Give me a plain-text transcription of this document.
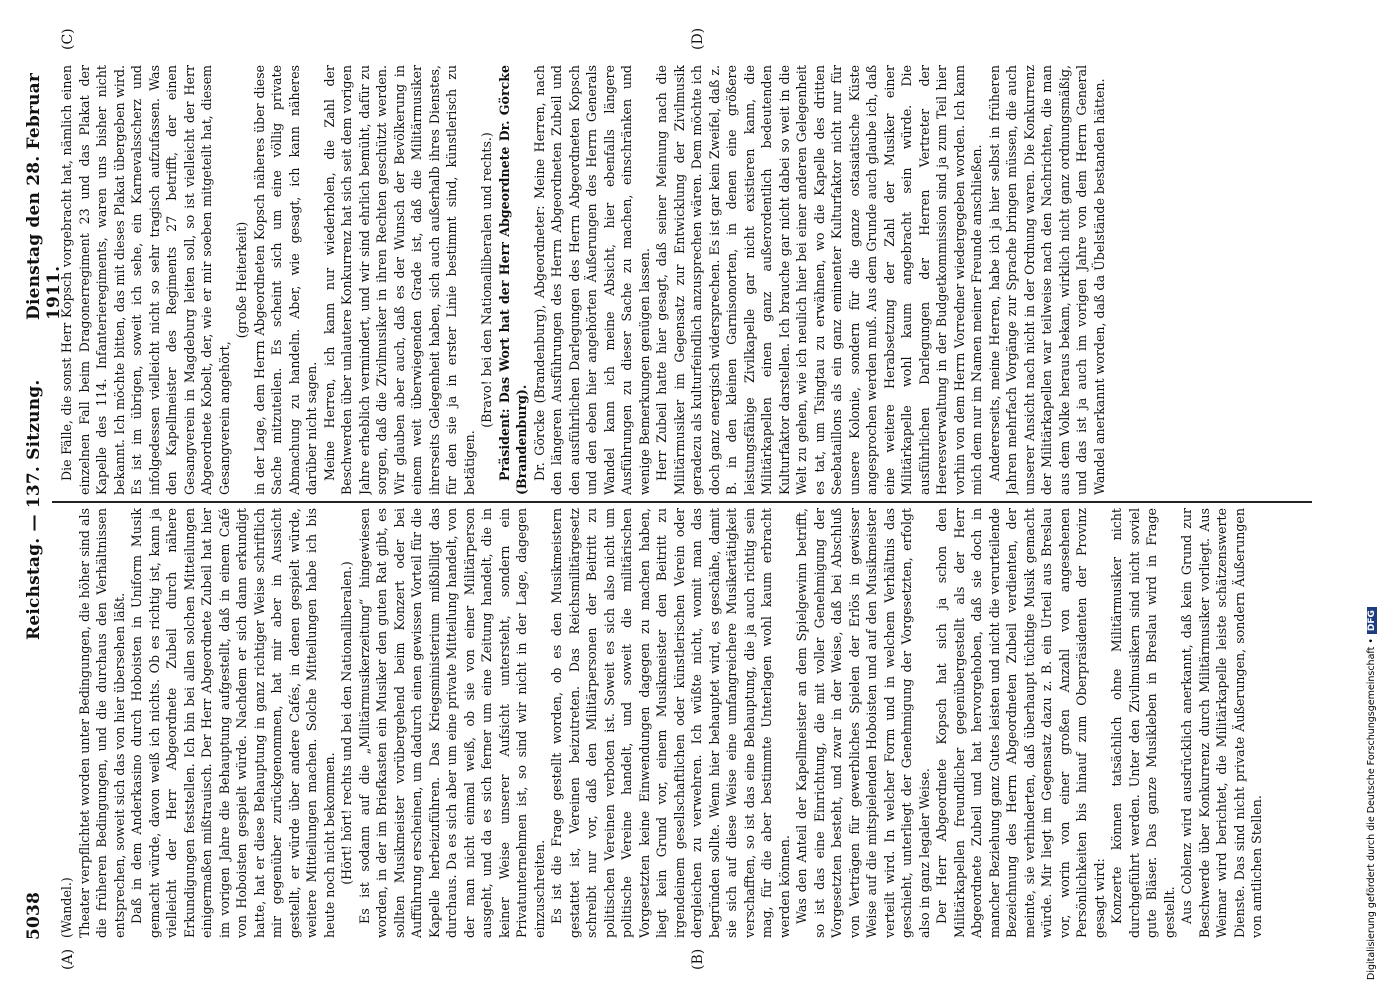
5038
Reichstag. — 137. Sitzung.
Dienstag den 28. Februar 1911.
(A)	(B)
(C)	(D)

(Wandel.) Theater verpflichtet worden unter Bedingungen, die höher sind als die früheren Bedingungen, und die durchaus den Verhältnissen entsprechen, soweit sich das von hier übersehen läßt. Daß in dem Anderkasino durch Hoboisten in Uniform Musik gemacht würde, davon weiß ich nichts. Ob es richtig ist, kann ja vielleicht der Herr Abgeordnete Zubeil durch nähere Erkundigungen feststellen. Ich bin bei allen solchen Mitteilungen einigermaßen mißtrauisch. Der Herr Abgeordnete Zubeil hat hier im vorigen Jahre die Behauptung aufgestellt, daß in einem Café von Hoboisten gespielt würde. Nachdem er sich dann erkundigt hatte, hat er diese Behauptung in ganz richtiger Weise schriftlich mir gegenüber zurückgenommen, hat mir aber in Aussicht gestellt, er würde über andere Cafés, in denen gespielt würde, weitere Mitteilungen machen. Solche Mitteilungen habe ich bis heute noch nicht bekommen. (Hört! hört! rechts und bei den Nationalliberalen.) Es ist sodann auf die „Militärmusikerzeitung“ hingewiesen worden, in der im Briefkasten ein Musiker den guten Rat gibt, es sollten Musikmeister vorübergehend beim Konzert oder bei Aufführung erscheinen, um dadurch einen gewissen Vorteil für die Kapelle herbeizuführen. Das Kriegsministerium mißbilligt das durchaus. Da es sich aber um eine private Mitteilung handelt, von der man nicht einmal weiß, ob sie von einer Militärperson ausgeht, und da es sich ferner um eine Zeitung handelt, die in keiner Weise unserer Aufsicht untersteht, sondern ein Privatunternehmen ist, so sind wir nicht in der Lage, dagegen einzuschreiten. Es ist die Frage gestellt worden, ob es den Musikmeistern gestattet ist, Vereinen beizutreten. Das Reichsmilitärgesetz schreibt nur vor, daß den Militärpersonen der Beitritt zu politischen Vereinen verboten ist. Soweit es sich also nicht um politische Vereine handelt, und soweit die militärischen Vorgesetzten keine Einwendungen dagegen zu machen haben, liegt kein Grund vor, einem Musikmeister den Beitritt zu irgendeinem gesellschaftlichen oder künstlerischen Verein oder dergleichen zu verwehren. Ich wüßte nicht, womit man das begründen sollte. Wenn hier behauptet wird, es geschähe, damit sie sich auf diese Weise eine umfangreichere Musikertätigkeit verschafften, so ist das eine Behauptung, die ja auch richtig sein mag, für die aber bestimmte Unterlagen wohl kaum erbracht werden können. Was den Anteil der Kapellmeister an dem Spielgewinn betrifft, so ist das eine Einrichtung, die mit voller Genehmigung der Vorgesetzten besteht, und zwar in der Weise, daß bei Abschluß von Verträgen für gewerbliches Spielen der Erlös in gewisser Weise auf die mitspielenden Hoboisten und auf den Musikmeister verteilt wird. In welcher Form und in welchem Verhältnis das geschieht, unterliegt der Genehmigung der Vorgesetzten, erfolgt also in ganz legaler Weise. Der Herr Abgeordnete Kopsch hat sich ja schon den Militärkapellen freundlicher gegenübergestellt als der Herr Abgeordnete Zubeil und hat hervorgehoben, daß sie doch in mancher Beziehung ganz Gutes leisten und nicht die verurteilende Bezeichnung des Herrn Abgeordneten Zubeil verdienten, der meinte, sie verhinderten, daß überhaupt tüchtige Musik gemacht würde. Mir liegt im Gegensatz dazu z. B. ein Urteil aus Breslau vor, worin von einer großen Anzahl von angesehenen Persönlichkeiten bis hinauf zum Oberpräsidenten der Provinz gesagt wird: Konzerte können tatsächlich ohne Militärmusiker nicht durchgeführt werden. Unter den Zivilmusikern sind nicht soviel gute Bläser. Das ganze Musikleben in Breslau wird in Frage gestellt. Aus Coblenz wird ausdrücklich anerkannt, daß kein Grund zur Beschwerde über Konkurrenz durch Militärmusiker vorliegt. Aus Weimar wird berichtet, die Militärkapelle leiste schätzenswerte Dienste. Das sind nicht private Äußerungen, sondern Äußerungen von amtlichen Stellen.

Die Fälle, die sonst Herr Kopsch vorgebracht hat, nämlich einen einzelnen Fall beim Dragonerregiment 23 und das Plakat der Kapelle des 114. Infanterieregiments, waren uns bisher nicht bekannt. Ich möchte bitten, das mit dieses Plakat übergeben wird. Es ist im übrigen, soweit ich sehe, ein Karnevalsscherz und infolgedessen vielleicht nicht so sehr tragisch aufzufassen. Was den Kapellmeister des Regiments 27 betrifft, der einen Gesangverein in Magdeburg leiten soll, so ist vielleicht der Herr Abgeordnete Kobelt, der, wie er mir soeben mitgeteilt hat, diesem Gesangverein angehört,

(große Heiterkeit) in der Lage, dem Herrn Abgeordneten Kopsch näheres über diese Sache mitzuteilen. Es scheint sich um eine völlig private Abmachung zu handeln. Aber, wie gesagt, ich kann näheres darüber nicht sagen. Meine Herren, ich kann nur wiederholen, die Zahl der Beschwerden über unlautere Konkurrenz hat sich seit dem vorigen Jahre erheblich vermindert, und wir sind ehrlich bemüht, dafür zu sorgen, daß die Zivilmusiker in ihren Rechten geschützt werden. Wir glauben aber auch, daß es der Wunsch der Bevölkerung in einem weit überwiegenden Grade ist, daß die Militärmusiker ihrerseits Gelegenheit haben, sich auch außerhalb ihres Dienstes, für den sie ja in erster Linie bestimmt sind, künstlerisch zu betätigen.

(Bravo! bei den Nationalliberalen und rechts.) Präsident: Das Wort hat der Herr Abgeordnete Dr. Görcke (Brandenburg). Dr. Görcke (Brandenburg), Abgeordneter: Meine Herren, nach den längeren Ausführungen des Herrn Abgeordneten Zubeil und den ausführlichen Darlegungen des Herrn Abgeordneten Kopsch und den eben hier angehörten Äußerungen des Herrn Generals Wandel kann ich meine Absicht, hier ebenfalls längere Ausführungen zu dieser Sache zu machen, einschränken und wenige Bemerkungen genügen lassen. Herr Zubeil hatte hier gesagt, daß seiner Meinung nach die Militärmusiker im Gegensatz zur Entwicklung der Zivilmusik geradezu als kulturfeindlich anzusprechen wären. Dem möchte ich doch ganz energisch widersprechen. Es ist gar kein Zweifel, daß z. B. in den kleinen Garnisonorten, in denen eine größere leistungsfähige Zivilkapelle gar nicht existieren kann, die Militärkapellen einen ganz außerordentlich bedeutenden Kulturfaktor darstellen. Ich brauche gar nicht dabei so weit in die Welt zu gehen, wie ich neulich hier bei einer anderen Gelegenheit es tat, um Tsingtau zu erwähnen, wo die Kapelle des dritten Seebataillons als ein ganz eminenter Kulturfaktor nicht nur für unsere Kolonie, sondern für die ganze ostasiatische Küste angesprochen werden muß. Aus dem Grunde auch glaube ich, daß eine weitere Herabsetzung der Zahl der Musiker einer Militärkapelle wohl kaum angebracht sein würde. Die ausführlichen Darlegungen der Herren Vertreter der Heeresverwaltung in der Budgetkommission sind ja zum Teil hier vorhin von dem Herrn Vorredner wiedergegeben worden. Ich kann mich dem nur im Namen meiner Freunde anschließen. Andererseits, meine Herren, habe ich ja hier selbst in früheren Jahren mehrfach Vorgänge zur Sprache bringen müssen, die auch unserer Ansicht nach nicht in der Ordnung waren. Die Konkurrenz der Militärkapellen war teilweise nach den Nachrichten, die man aus dem Volke heraus bekam, wirklich nicht ganz ordnungsmäßig, und das ist ja auch im vorigen Jahre von dem Herrn General Wandel anerkannt worden, daß da Übelstände bestanden hätten.

Digitalisierung gefördert durch die Deutsche Forschungsgemeinschaft •DFG
